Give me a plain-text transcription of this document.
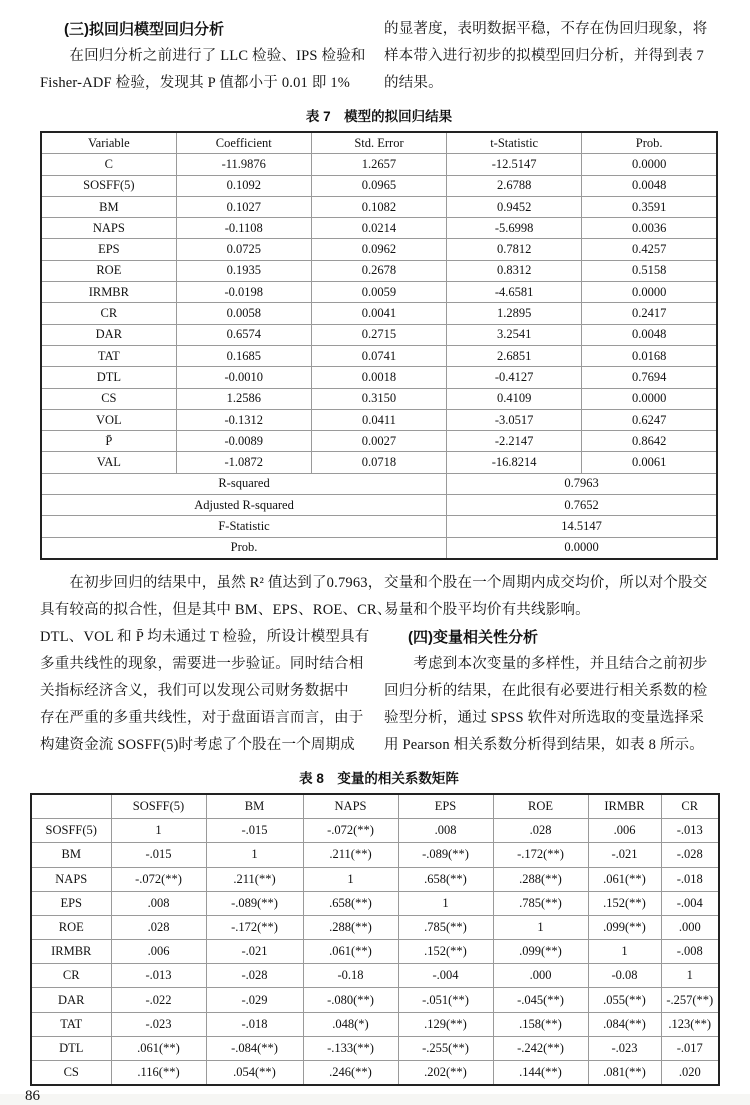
(三)拟回归模型回归分析
　　在回归分析之前进行了 LLC 检验、IPS 检验和
Fisher-ADF 检验，发现其 P 值都小于 0.01 即 1%
的显著度，表明数据平稳，不存在伪回归现象，将
样本带入进行初步的拟模型回归分析，并得到表 7
的结果。
表 7　模型的拟回归结果
Variable	Coefficient	Std. Error	t-Statistic	Prob.
C	-11.9876	1.2657	-12.5147	0.0000
SOSFF(5)	0.1092	0.0965	2.6788	0.0048
BM	0.1027	0.1082	0.9452	0.3591
NAPS	-0.1108	0.0214	-5.6998	0.0036
EPS	0.0725	0.0962	0.7812	0.4257
ROE	0.1935	0.2678	0.8312	0.5158
IRMBR	-0.0198	0.0059	-4.6581	0.0000
CR	0.0058	0.0041	1.2895	0.2417
DAR	0.6574	0.2715	3.2541	0.0048
TAT	0.1685	0.0741	2.6851	0.0168
DTL	-0.0010	0.0018	-0.4127	0.7694
CS	1.2586	0.3150	0.4109	0.0000
VOL	-0.1312	0.0411	-3.0517	0.6247
P̄	-0.0089	0.0027	-2.2147	0.8642
VAL	-1.0872	0.0718	-16.8214	0.0061
R-squared			0.7963	
Adjusted R-squared			0.7652	
F-Statistic			14.5147	
Prob.			0.0000	
　　在初步回归的结果中，虽然 R² 值达到了0.7963，
具有较高的拟合性，但是其中 BM、EPS、ROE、CR、
DTL、VOL 和 P̄ 均未通过 T 检验，所设计模型具有
多重共线性的现象，需要进一步验证。同时结合相
关指标经济含义，我们可以发现公司财务数据中
存在严重的多重共线性，对于盘面语言而言，由于
构建资金流 SOSFF(5)时考虑了个股在一个周期成
交量和个股在一个周期内成交均价，所以对个股交
易量和个股平均价有共线影响。
(四)变量相关性分析
　　考虑到本次变量的多样性，并且结合之前初步
回归分析的结果，在此很有必要进行相关系数的检
验型分析，通过 SPSS 软件对所选取的变量选择采
用 Pearson 相关系数分析得到结果，如表 8 所示。
表 8　变量的相关系数矩阵
	SOSFF(5)	BM	NAPS	EPS	ROE	IRMBR	CR
SOSFF(5)	1	-.015	-.072(**)	.008	.028	.006	-.013
BM	-.015	1	.211(**)	-.089(**)	-.172(**)	-.021	-.028
NAPS	-.072(**)	.211(**)	1	.658(**)	.288(**)	.061(**)	-.018
EPS	.008	-.089(**)	.658(**)	1	.785(**)	.152(**)	-.004
ROE	.028	-.172(**)	.288(**)	.785(**)	1	.099(**)	.000
IRMBR	.006	-.021	.061(**)	.152(**)	.099(**)	1	-.008
CR	-.013	-.028	-0.18	-.004	.000	-0.08	1
DAR	-.022	-.029	-.080(**)	-.051(**)	-.045(**)	.055(**)	-.257(**)
TAT	-.023	-.018	.048(*)	.129(**)	.158(**)	.084(**)	.123(**)
DTL	.061(**)	-.084(**)	-.133(**)	-.255(**)	-.242(**)	-.023	-.017
CS	.116(**)	.054(**)	.246(**)	.202(**)	.144(**)	.081(**)	.020
86
